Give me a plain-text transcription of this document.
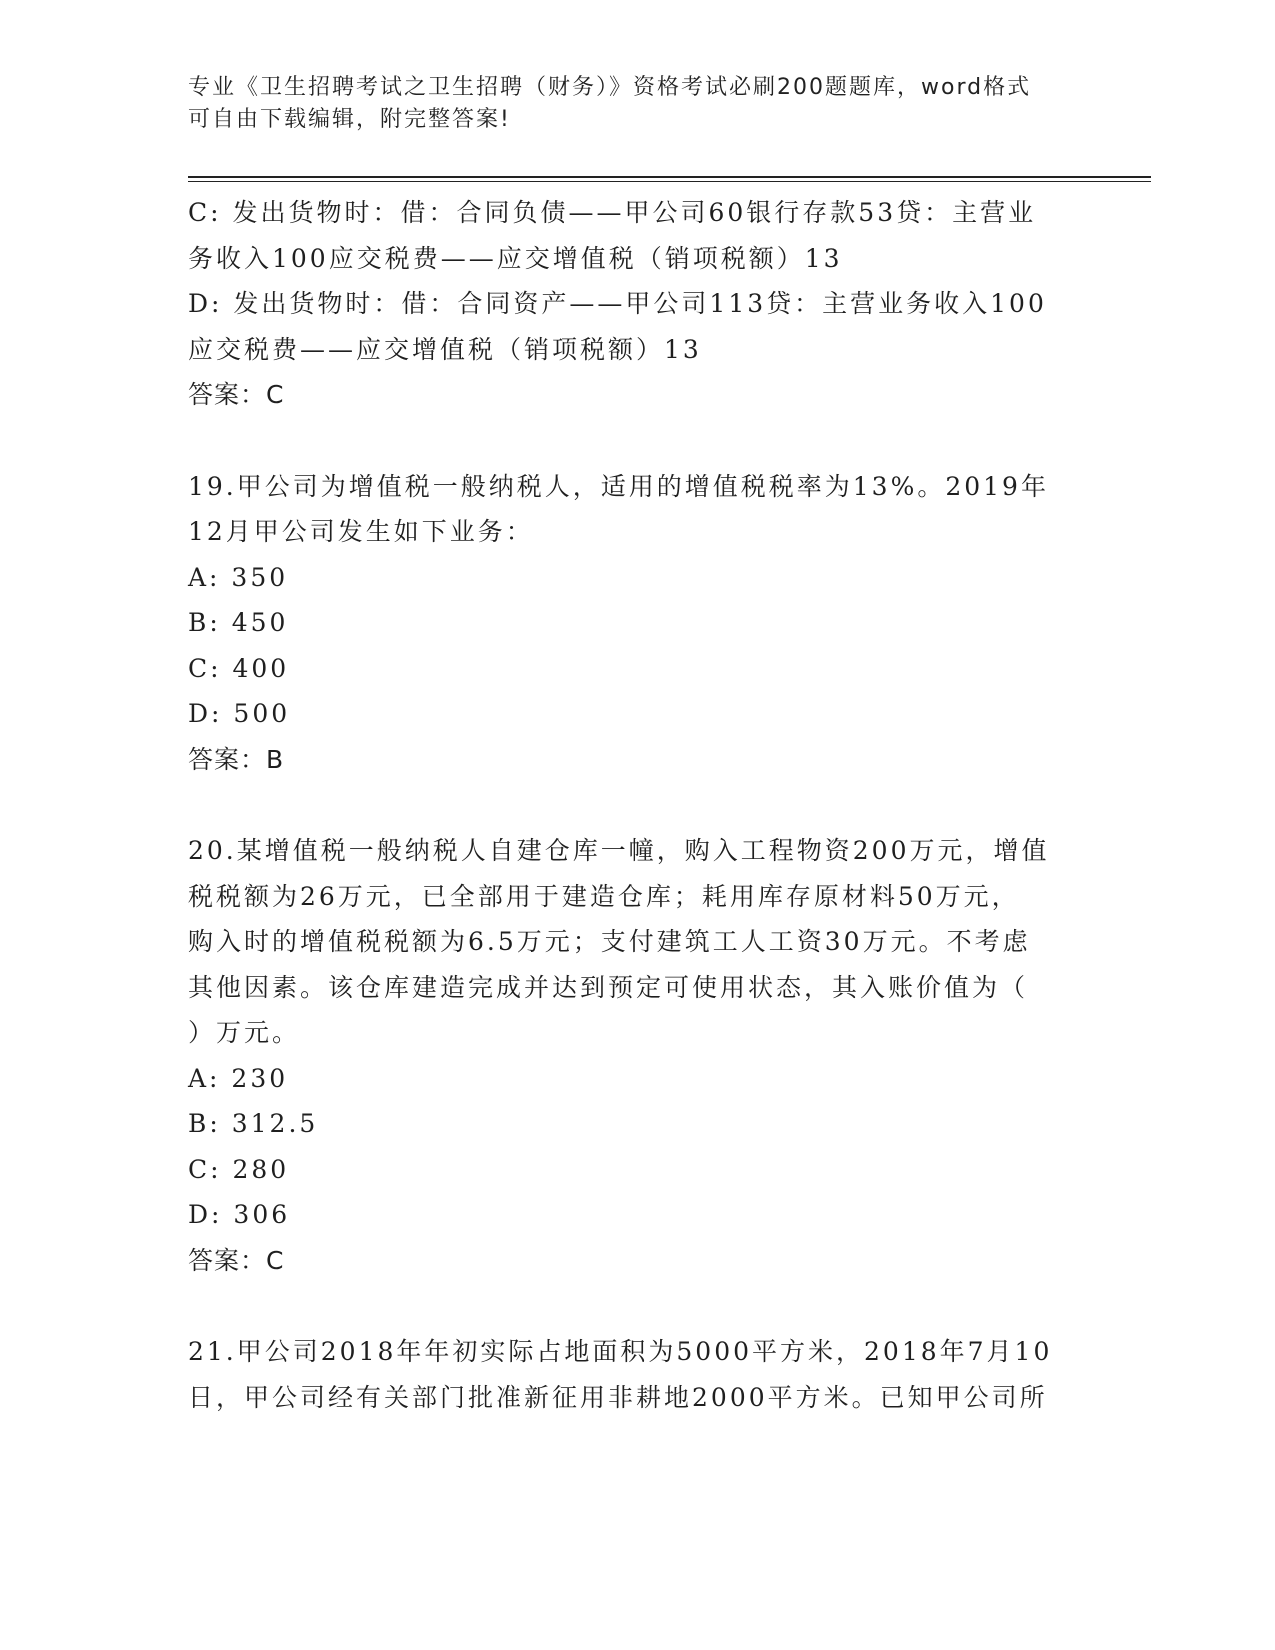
专业《卫生招聘考试之卫生招聘（财务）》资格考试必刷200题题库，word格式
可自由下载编辑，附完整答案!

C: 发出货物时：借：合同负债——甲公司60银行存款53贷：主营业

务收入100应交税费——应交增值税（销项税额）13

D: 发出货物时：借：合同资产——甲公司113贷：主营业务收入100

应交税费——应交增值税（销项税额）13

答案：C

19.甲公司为增值税一般纳税人，适用的增值税税率为13%。2019年

12月甲公司发生如下业务：

A: 350

B: 450

C: 400

D: 500

答案：B

20.某增值税一般纳税人自建仓库一幢，购入工程物资200万元，增值

税税额为26万元，已全部用于建造仓库；耗用库存原材料50万元，

购入时的增值税税额为6.5万元；支付建筑工人工资30万元。不考虑

其他因素。该仓库建造完成并达到预定可使用状态，其入账价值为（

）万元。

A: 230

B: 312.5

C: 280

D: 306

答案：C

21.甲公司2018年年初实际占地面积为5000平方米，2018年7月10

日，甲公司经有关部门批准新征用非耕地2000平方米。已知甲公司所
